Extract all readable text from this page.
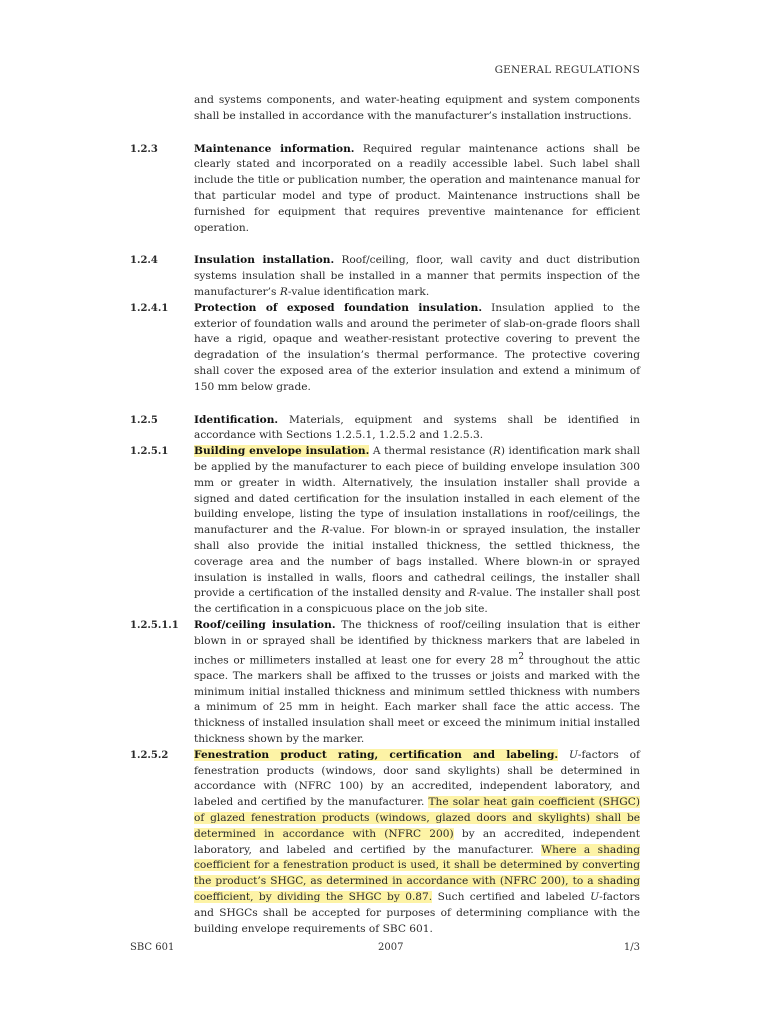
GENERAL REGULATIONS
and systems components, and water-heating equipment and system components shall be installed in accordance with the manufacturer’s installation instructions.
1.2.3	Maintenance information. Required regular maintenance actions shall be clearly stated and incorporated on a readily accessible label. Such label shall include the title or publication number, the operation and maintenance manual for that particular model and type of product. Maintenance instructions shall be furnished for equipment that requires preventive maintenance for efficient operation.
1.2.4	Insulation installation. Roof/ceiling, floor, wall cavity and duct distribution systems insulation shall be installed in a manner that permits inspection of the manufacturer’s R-value identification mark.
1.2.4.1	Protection of exposed foundation insulation. Insulation applied to the exterior of foundation walls and around the perimeter of slab-on-grade floors shall have a rigid, opaque and weather-resistant protective covering to prevent the degradation of the insulation’s thermal performance. The protective covering shall cover the exposed area of the exterior insulation and extend a minimum of 150 mm below grade.
1.2.5	Identification. Materials, equipment and systems shall be identified in accordance with Sections 1.2.5.1, 1.2.5.2 and 1.2.5.3.
1.2.5.1	Building envelope insulation. A thermal resistance (R) identification mark shall be applied by the manufacturer to each piece of building envelope insulation 300 mm or greater in width. Alternatively, the insulation installer shall provide a signed and dated certification for the insulation installed in each element of the building envelope, listing the type of insulation installations in roof/ceilings, the manufacturer and the R-value. For blown-in or sprayed insulation, the installer shall also provide the initial installed thickness, the settled thickness, the coverage area and the number of bags installed. Where blown-in or sprayed insulation is installed in walls, floors and cathedral ceilings, the installer shall provide a certification of the installed density and R-value. The installer shall post the certification in a conspicuous place on the job site.
1.2.5.1.1	Roof/ceiling insulation. The thickness of roof/ceiling insulation that is either blown in or sprayed shall be identified by thickness markers that are labeled in inches or millimeters installed at least one for every 28 $m^2$ throughout the attic space. The markers shall be affixed to the trusses or joists and marked with the minimum initial installed thickness and minimum settled thickness with numbers a minimum of 25 mm in height. Each marker shall face the attic access. The thickness of installed insulation shall meet or exceed the minimum initial installed thickness shown by the marker.
1.2.5.2	Fenestration product rating, certification and labeling. U-factors of fenestration products (windows, door sand skylights) shall be determined in accordance with (NFRC 100) by an accredited, independent laboratory, and labeled and certified by the manufacturer. The solar heat gain coefficient (SHGC) of glazed fenestration products (windows, glazed doors and skylights) shall be determined in accordance with (NFRC 200) by an accredited, independent laboratory, and labeled and certified by the manufacturer. Where a shading coefficient for a fenestration product is used, it shall be determined by converting the product’s SHGC, as determined in accordance with (NFRC 200), to a shading coefficient, by dividing the SHGC by 0.87. Such certified and labeled U-factors and SHGCs shall be accepted for purposes of determining compliance with the building envelope requirements of SBC 601.
SBC 601	2007	1/3
